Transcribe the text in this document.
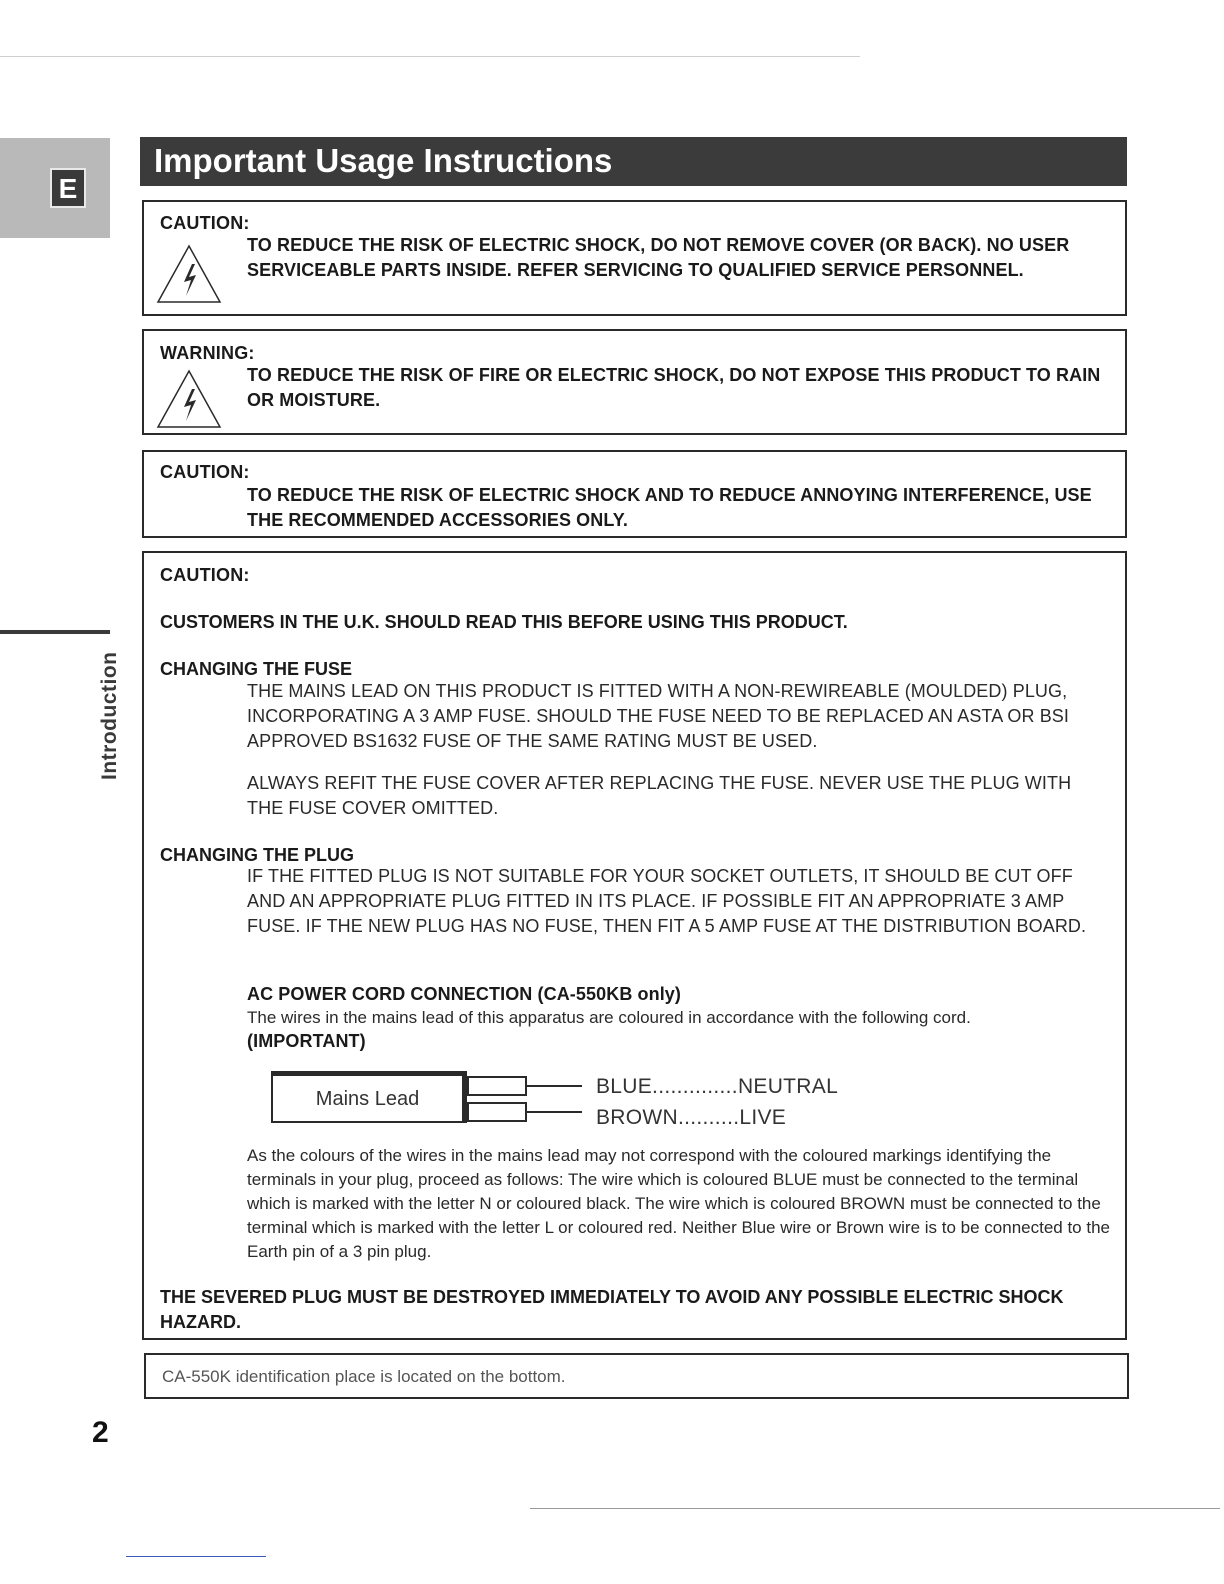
E
Introduction
Important Usage Instructions
CAUTION:
TO REDUCE THE RISK OF ELECTRIC SHOCK, DO NOT REMOVE COVER (OR BACK). NO USER SERVICEABLE PARTS INSIDE. REFER SERVICING TO QUALIFIED SERVICE PERSONNEL.
WARNING:
TO REDUCE THE RISK OF FIRE OR ELECTRIC SHOCK, DO NOT EXPOSE THIS PRODUCT TO RAIN OR MOISTURE.
CAUTION:
TO REDUCE THE RISK OF ELECTRIC SHOCK AND TO REDUCE ANNOYING INTERFERENCE, USE THE RECOMMENDED ACCESSORIES ONLY.
CAUTION:
CUSTOMERS IN THE U.K. SHOULD READ THIS BEFORE USING THIS PRODUCT.
CHANGING THE FUSE
THE MAINS LEAD ON THIS PRODUCT IS FITTED WITH A NON-REWIREABLE (MOULDED) PLUG, INCORPORATING A 3 AMP FUSE. SHOULD THE FUSE NEED TO BE REPLACED AN ASTA OR BSI APPROVED BS1632 FUSE OF THE SAME RATING MUST BE USED.
ALWAYS REFIT THE FUSE COVER AFTER REPLACING THE FUSE. NEVER USE THE PLUG WITH THE FUSE COVER OMITTED.
CHANGING THE PLUG
IF THE FITTED PLUG IS NOT SUITABLE FOR YOUR SOCKET OUTLETS, IT SHOULD BE CUT OFF AND AN APPROPRIATE PLUG FITTED IN ITS PLACE. IF POSSIBLE FIT AN APPROPRIATE 3 AMP FUSE. IF THE NEW PLUG HAS NO FUSE, THEN FIT A 5 AMP FUSE AT THE DISTRIBUTION BOARD.
AC POWER CORD CONNECTION (CA-550KB only)
The wires in the mains lead of this apparatus are coloured in accordance with the following cord.
(IMPORTANT)
Mains Lead
BLUE..............NEUTRAL
BROWN..........LIVE
As the colours of the wires in the mains lead may not correspond with the coloured markings identifying the terminals in your plug, proceed as follows: The wire which is coloured BLUE must be connected to the terminal which is marked with the letter N or coloured black. The wire which is coloured BROWN must be connected to the terminal which is marked with the letter L or coloured red. Neither Blue wire or Brown wire is to be connected to the Earth pin of a 3 pin plug.
THE SEVERED PLUG MUST BE DESTROYED IMMEDIATELY TO AVOID ANY POSSIBLE ELECTRIC SHOCK HAZARD.
CA-550K identification place is located on the bottom.
2
